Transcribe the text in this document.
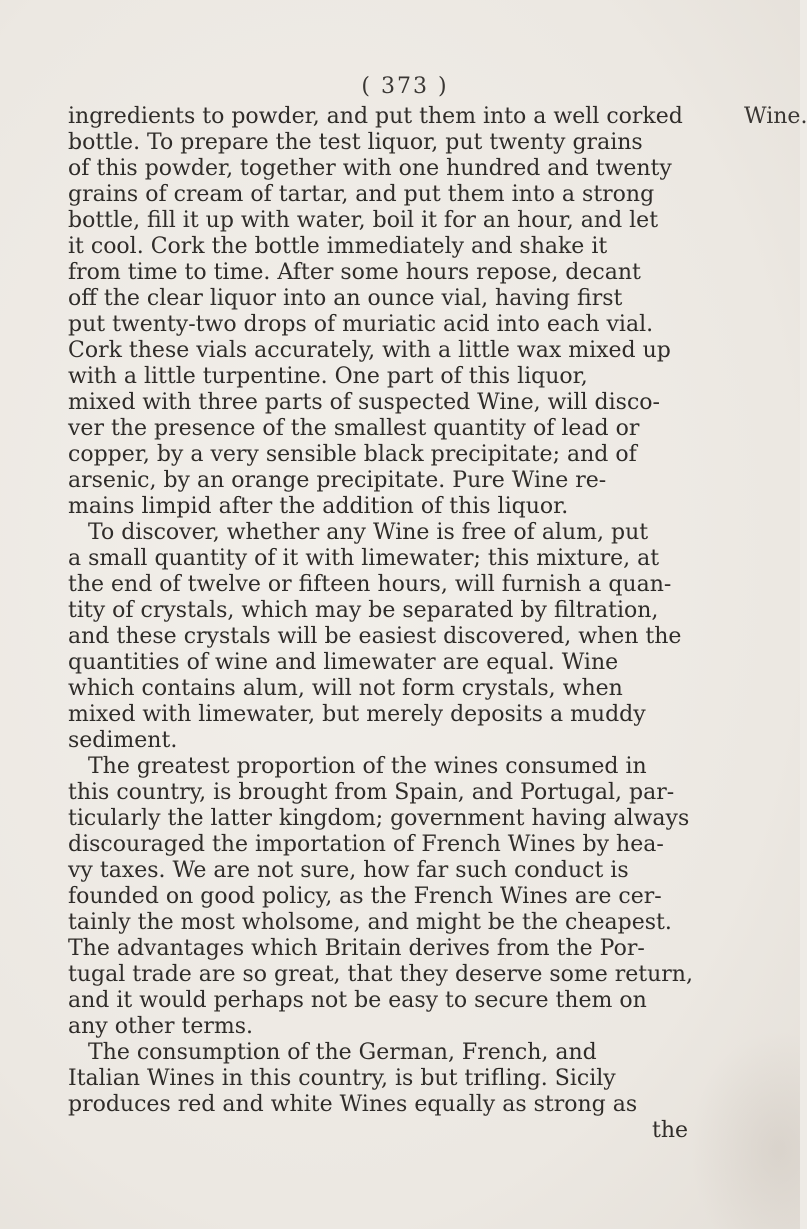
( 373 )
Wine.
ingredients to powder, and put them into a well corked
bottle. To prepare the test liquor, put twenty grains
of this powder, together with one hundred and twenty
grains of cream of tartar, and put them into a strong
bottle, fill it up with water, boil it for an hour, and let
it cool. Cork the bottle immediately and shake it
from time to time. After some hours repose, decant
off the clear liquor into an ounce vial, having first
put twenty-two drops of muriatic acid into each vial.
Cork these vials accurately, with a little wax mixed up
with a little turpentine. One part of this liquor,
mixed with three parts of suspected Wine, will disco-
ver the presence of the smallest quantity of lead or
copper, by a very sensible black precipitate; and of
arsenic, by an orange precipitate. Pure Wine re-
mains limpid after the addition of this liquor.
To discover, whether any Wine is free of alum, put
a small quantity of it with limewater; this mixture, at
the end of twelve or fifteen hours, will furnish a quan-
tity of crystals, which may be separated by filtration,
and these crystals will be easiest discovered, when the
quantities of wine and limewater are equal. Wine
which contains alum, will not form crystals, when
mixed with limewater, but merely deposits a muddy
sediment.
The greatest proportion of the wines consumed in
this country, is brought from Spain, and Portugal, par-
ticularly the latter kingdom; government having always
discouraged the importation of French Wines by hea-
vy taxes. We are not sure, how far such conduct is
founded on good policy, as the French Wines are cer-
tainly the most wholsome, and might be the cheapest.
The advantages which Britain derives from the Por-
tugal trade are so great, that they deserve some return,
and it would perhaps not be easy to secure them on
any other terms.
The consumption of the German, French, and
Italian Wines in this country, is but trifling. Sicily
produces red and white Wines equally as strong as
the
